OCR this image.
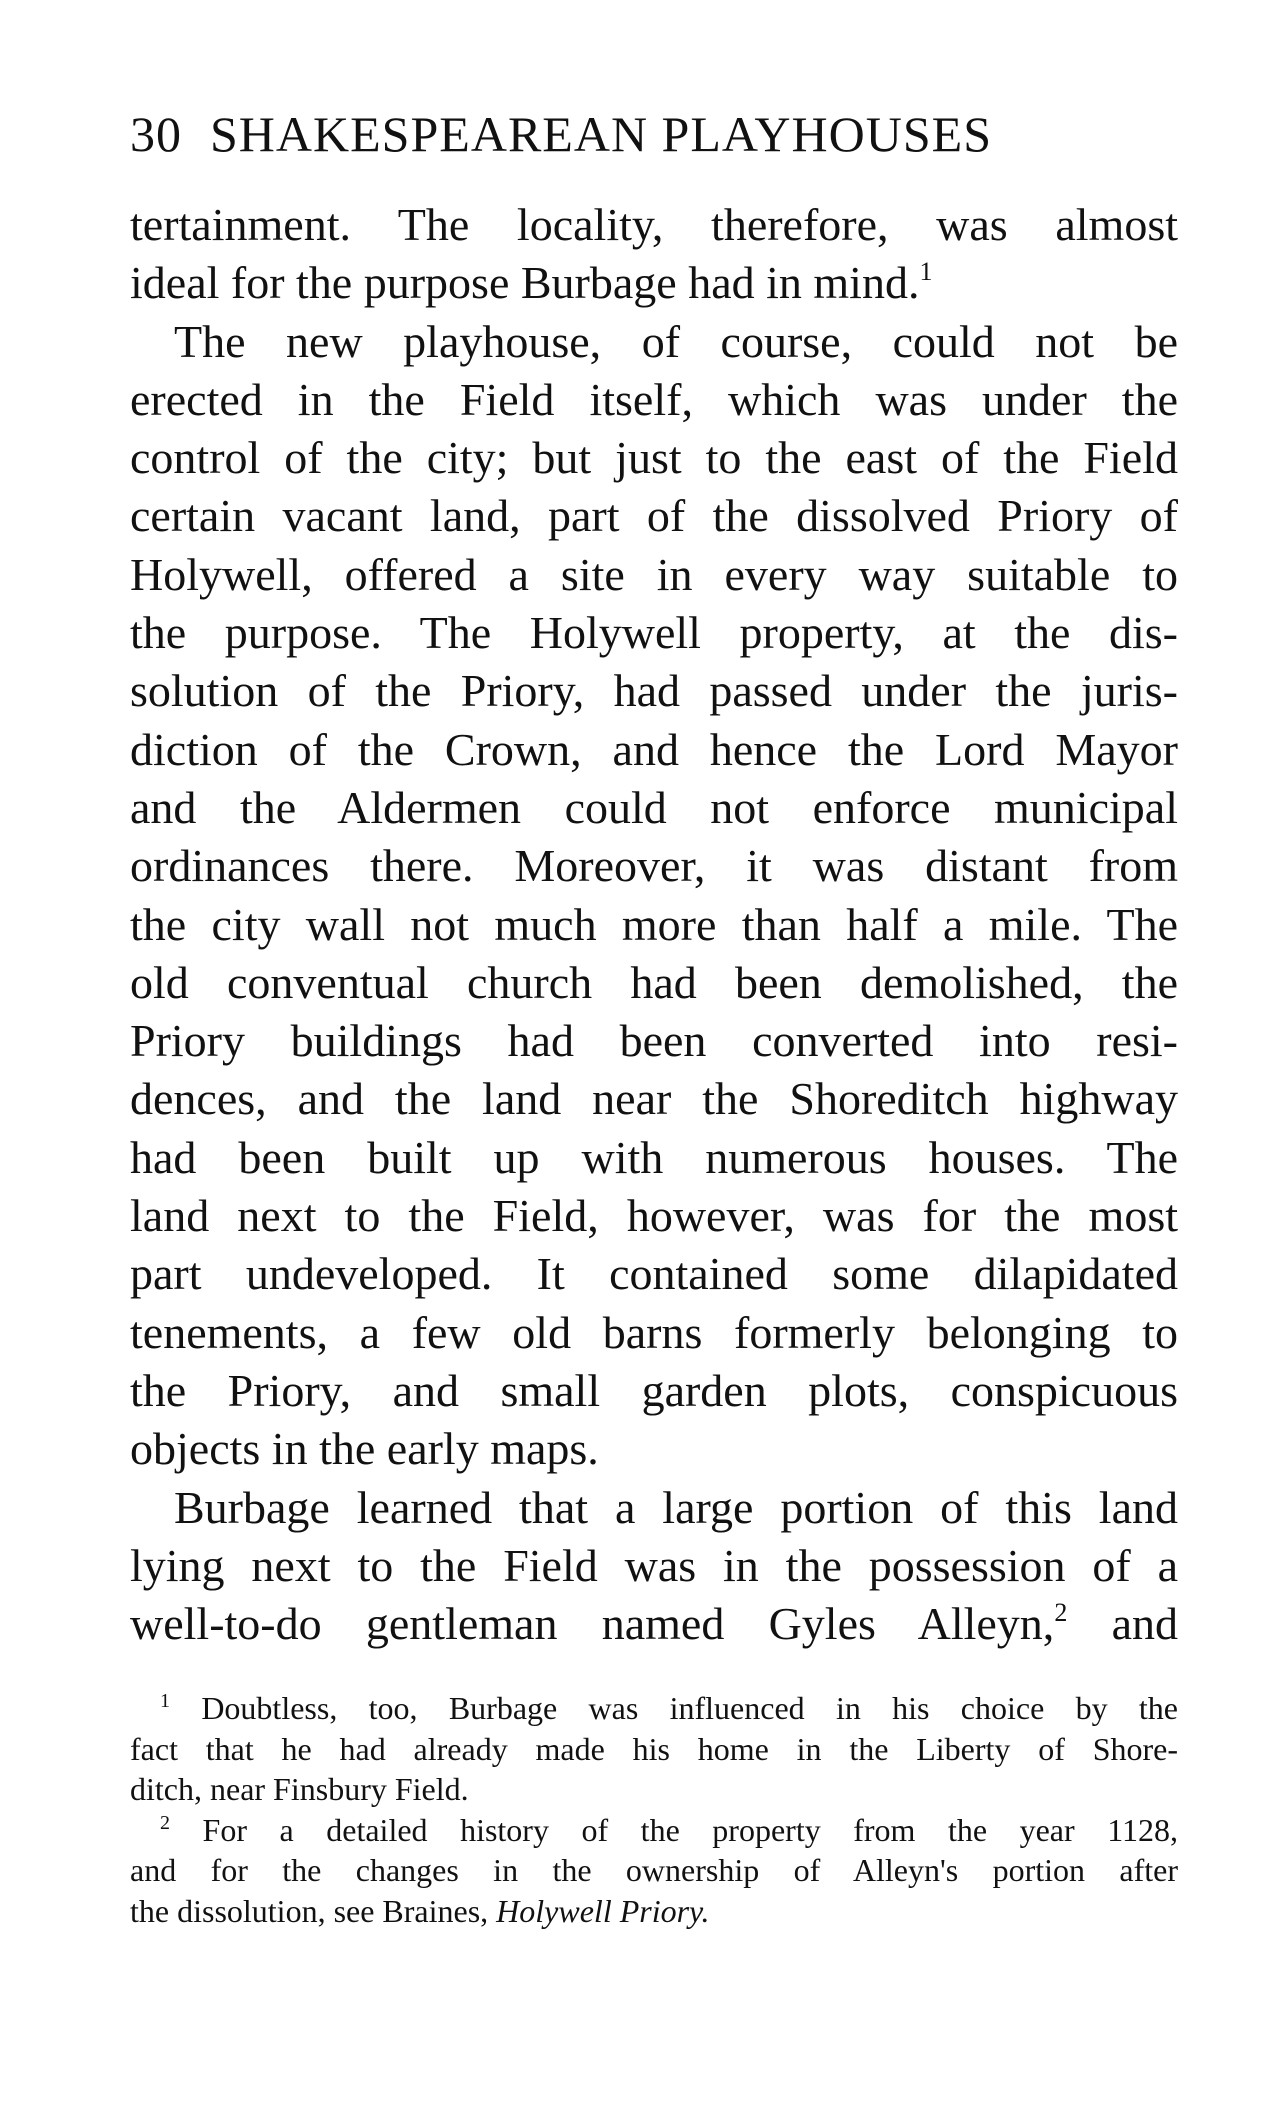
30 SHAKESPEAREAN PLAYHOUSES
tertainment. The locality, therefore, was almost
ideal for the purpose Burbage had in mind.$^1$
The new playhouse, of course, could not be
erected in the Field itself, which was under the
control of the city; but just to the east of the Field
certain vacant land, part of the dissolved Priory of
Holywell, offered a site in every way suitable to
the purpose. The Holywell property, at the dis-
solution of the Priory, had passed under the juris-
diction of the Crown, and hence the Lord Mayor
and the Aldermen could not enforce municipal
ordinances there. Moreover, it was distant from
the city wall not much more than half a mile. The
old conventual church had been demolished, the
Priory buildings had been converted into resi-
dences, and the land near the Shoreditch highway
had been built up with numerous houses. The
land next to the Field, however, was for the most
part undeveloped. It contained some dilapidated
tenements, a few old barns formerly belonging to
the Priory, and small garden plots, conspicuous
objects in the early maps.
Burbage learned that a large portion of this land
lying next to the Field was in the possession of a
well-to-do gentleman named Gyles Alleyn,$^2$ and
$^1$ Doubtless, too, Burbage was influenced in his choice by the
fact that he had already made his home in the Liberty of Shore-
ditch, near Finsbury Field.
$^2$ For a detailed history of the property from the year 1128,
and for the changes in the ownership of Alleyn's portion after
the dissolution, see Braines, Holywell Priory.
